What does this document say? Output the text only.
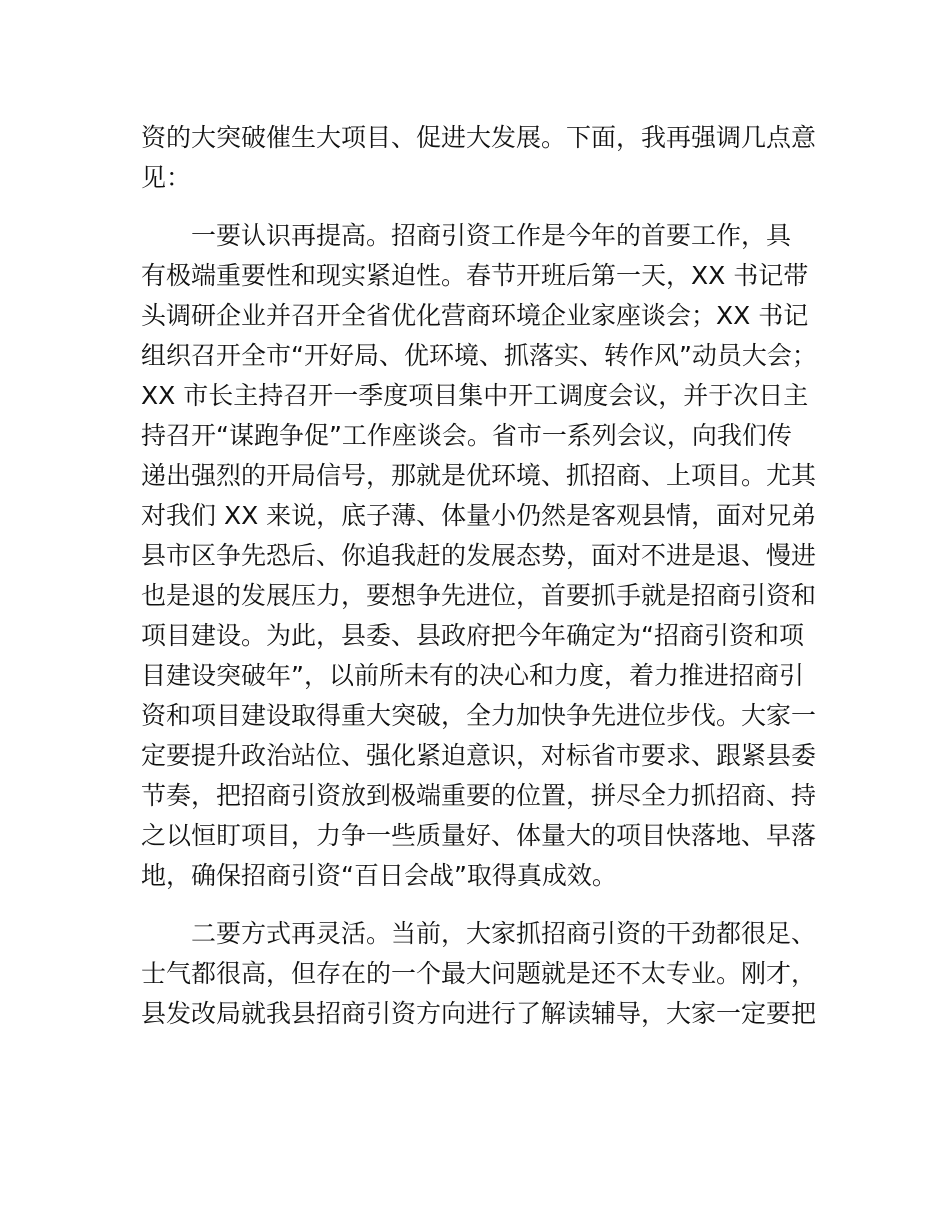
资的大突破催生大项目、促进大发展。下面，我再强调几点意
见：

一要认识再提高。招商引资工作是今年的首要工作，具
有极端重要性和现实紧迫性。春节开班后第一天，XX 书记带
头调研企业并召开全省优化营商环境企业家座谈会；XX 书记
组织召开全市“开好局、优环境、抓落实、转作风”动员大会；
XX 市长主持召开一季度项目集中开工调度会议，并于次日主
持召开“谋跑争促”工作座谈会。省市一系列会议，向我们传
递出强烈的开局信号，那就是优环境、抓招商、上项目。尤其
对我们 XX 来说，底子薄、体量小仍然是客观县情，面对兄弟
县市区争先恐后、你追我赶的发展态势，面对不进是退、慢进
也是退的发展压力，要想争先进位，首要抓手就是招商引资和
项目建设。为此，县委、县政府把今年确定为“招商引资和项
目建设突破年”，以前所未有的决心和力度，着力推进招商引
资和项目建设取得重大突破，全力加快争先进位步伐。大家一
定要提升政治站位、强化紧迫意识，对标省市要求、跟紧县委
节奏，把招商引资放到极端重要的位置，拼尽全力抓招商、持
之以恒盯项目，力争一些质量好、体量大的项目快落地、早落
地，确保招商引资“百日会战”取得真成效。

二要方式再灵活。当前，大家抓招商引资的干劲都很足、
士气都很高，但存在的一个最大问题就是还不太专业。刚才，
县发改局就我县招商引资方向进行了解读辅导，大家一定要把
